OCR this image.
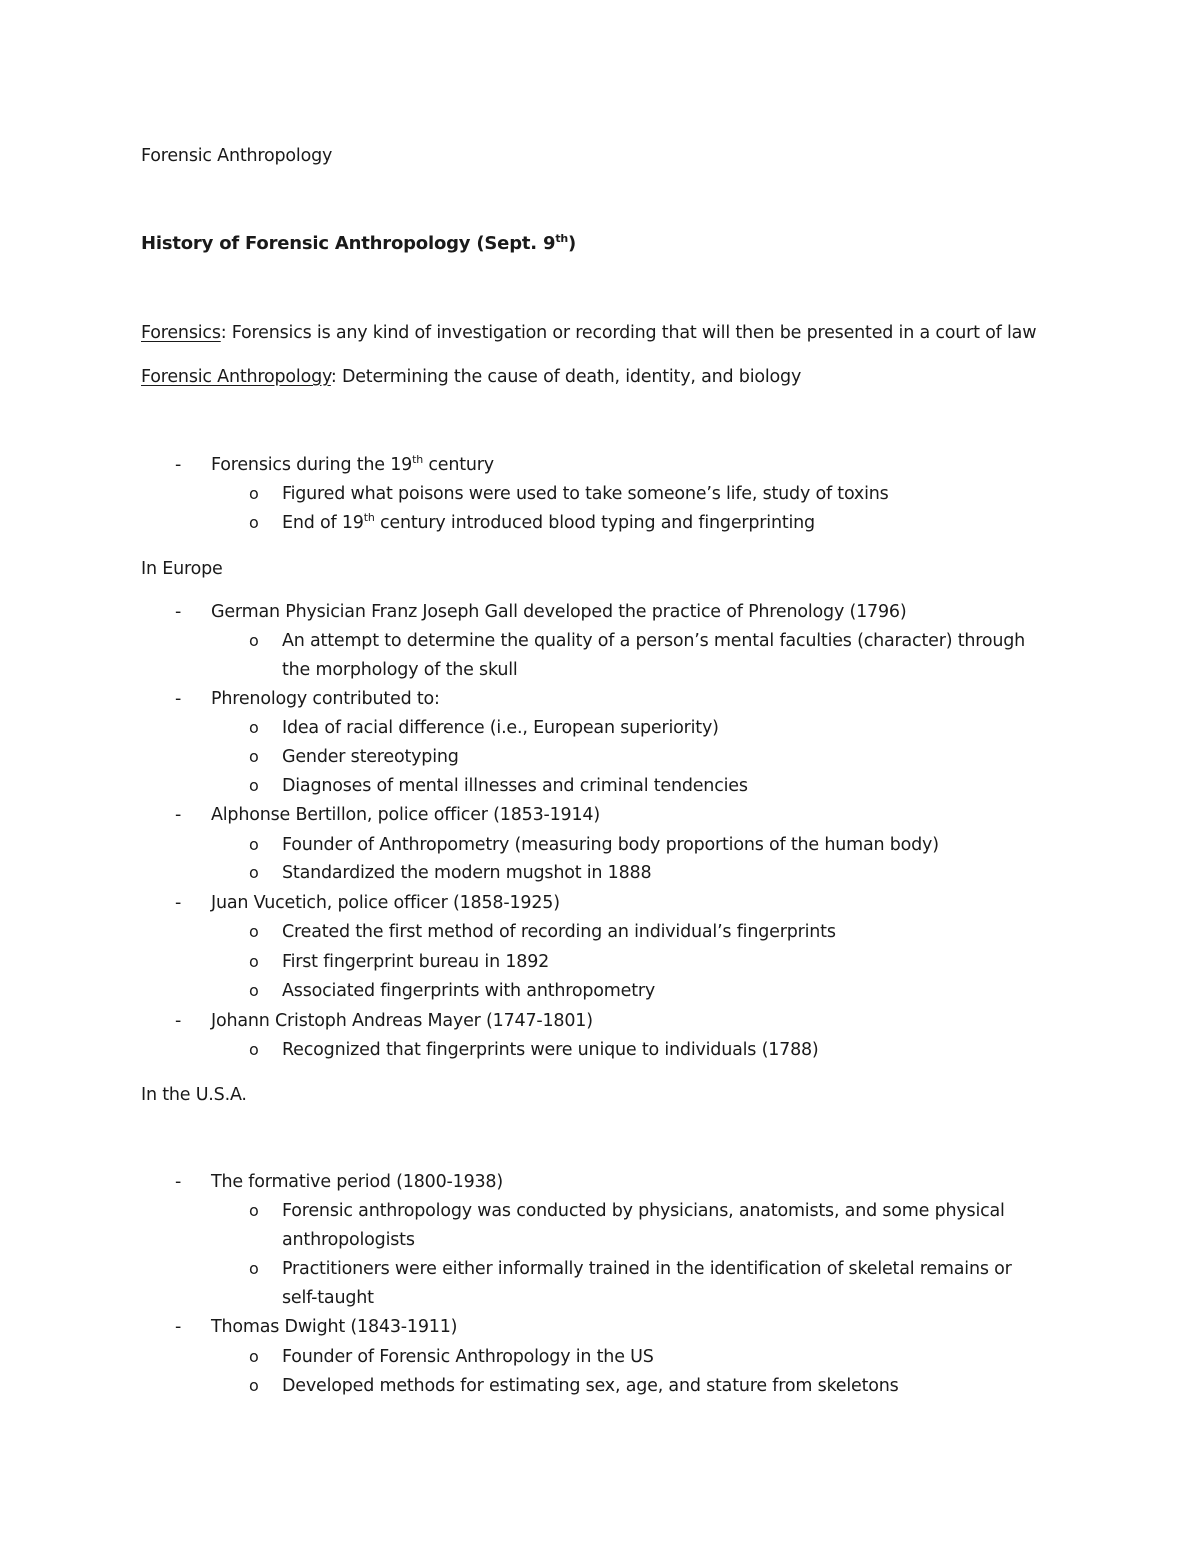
Forensic Anthropology
History of Forensic Anthropology (Sept. 9th)
Forensics: Forensics is any kind of investigation or recording that will then be presented in a court of law
Forensic Anthropology: Determining the cause of death, identity, and biology
- Forensics during the 19th century
o Figured what poisons were used to take someone’s life, study of toxins
o End of 19th century introduced blood typing and fingerprinting
In Europe
- German Physician Franz Joseph Gall developed the practice of Phrenology (1796)
o An attempt to determine the quality of a person’s mental faculties (character) through
the morphology of the skull
- Phrenology contributed to:
o Idea of racial difference (i.e., European superiority)
o Gender stereotyping
o Diagnoses of mental illnesses and criminal tendencies
- Alphonse Bertillon, police officer (1853-1914)
o Founder of Anthropometry (measuring body proportions of the human body)
o Standardized the modern mugshot in 1888
- Juan Vucetich, police officer (1858-1925)
o Created the first method of recording an individual’s fingerprints
o First fingerprint bureau in 1892
o Associated fingerprints with anthropometry
- Johann Cristoph Andreas Mayer (1747-1801)
o Recognized that fingerprints were unique to individuals (1788)
In the U.S.A.
- The formative period (1800-1938)
o Forensic anthropology was conducted by physicians, anatomists, and some physical
anthropologists
o Practitioners were either informally trained in the identification of skeletal remains or
self-taught
- Thomas Dwight (1843-1911)
o Founder of Forensic Anthropology in the US
o Developed methods for estimating sex, age, and stature from skeletons
